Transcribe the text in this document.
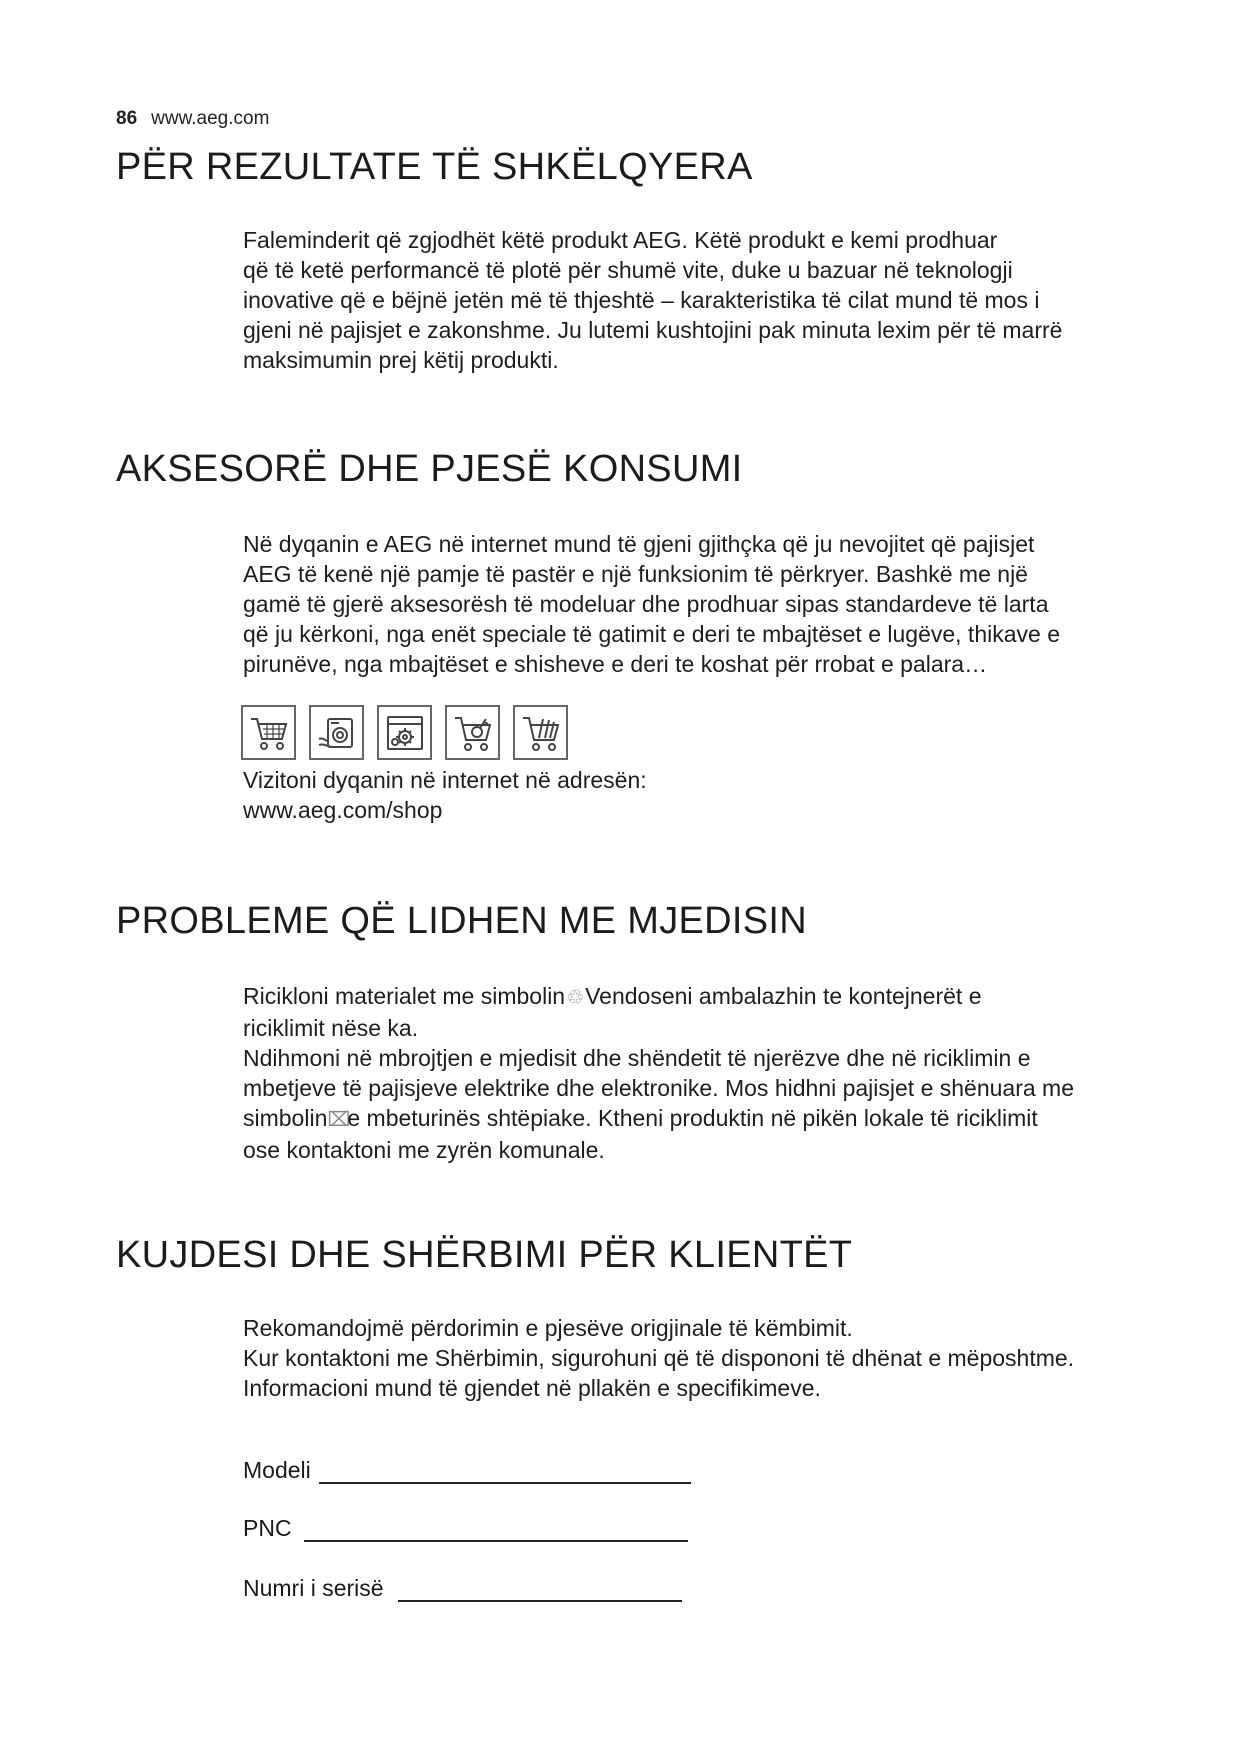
86 www.aeg.com
PËR REZULTATE TË SHKËLQYERA

Faleminderit që zgjodhët këtë produkt AEG. Këtë produkt e kemi prodhuar

që të ketë performancë të plotë për shumë vite, duke u bazuar në teknologji

inovative që e bëjnë jetën më të thjeshtë – karakteristika të cilat mund të mos i

gjeni në pajisjet e zakonshme. Ju lutemi kushtojini pak minuta lexim për të marrë

maksimumin prej këtij produkti.

AKSESORË DHE PJESË KONSUMI

Në dyqanin e AEG në internet mund të gjeni gjithçka që ju nevojitet që pajisjet

AEG të kenë një pamje të pastër e një funksionim të përkryer. Bashkë me një

gamë të gjerë aksesorësh të modeluar dhe prodhuar sipas standardeve të larta

që ju kërkoni, nga enët speciale të gatimit e deri te mbajtëset e lugëve, thikave e

pirunëve, nga mbajtëset e shisheve e deri te koshat për rrobat e palara…

Vizitoni dyqanin në internet në adresën:

www.aeg.com/shop

PROBLEME QË LIDHEN ME MJEDISIN

Ricikloni materialet me simbolin♲Vendoseni ambalazhin te kontejnerët e

riciklimit nëse ka.

Ndihmoni në mbrojtjen e mjedisit dhe shëndetit të njerëzve dhe në riciklimin e

mbetjeve të pajisjeve elektrike dhe elektronike. Mos hidhni pajisjet e shënuara me

simbolin⌧e mbeturinës shtëpiake. Ktheni produktin në pikën lokale të riciklimit

ose kontaktoni me zyrën komunale.

KUJDESI DHE SHËRBIMI PËR KLIENTËT

Rekomandojmë përdorimin e pjesëve origjinale të këmbimit.

Kur kontaktoni me Shërbimin, sigurohuni që të dispononi të dhënat e mëposhtme.

Informacioni mund të gjendet në pllakën e specifikimeve.

Modeli
PNC
Numri i serisë
